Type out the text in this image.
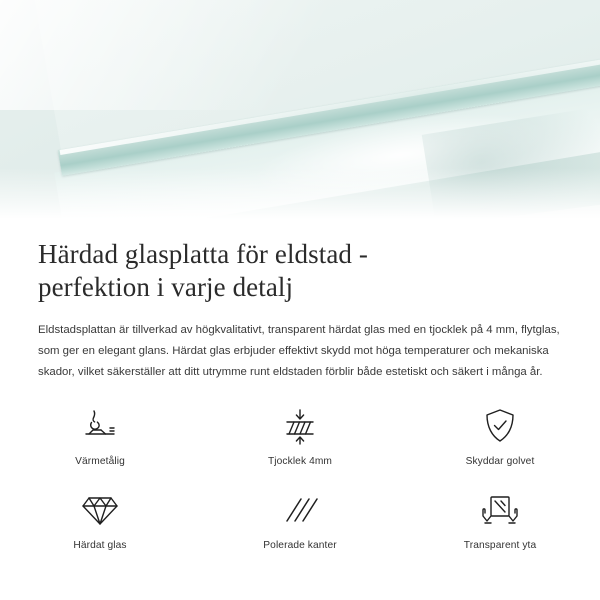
Härdad glasplatta för eldstad -
perfektion i varje detalj
Eldstadsplattan är tillverkad av högkvalitativt, transparent härdat glas med en tjocklek på 4 mm, flytglas,
som ger en elegant glans. Härdat glas erbjuder effektivt skydd mot höga temperaturer och mekaniska
skador, vilket säkerställer att ditt utrymme runt eldstaden förblir både estetiskt och säkert i många år.
Värmetålig	Tjocklek 4mm	Skyddar golvet
Härdat glas	Polerade kanter	Transparent yta
